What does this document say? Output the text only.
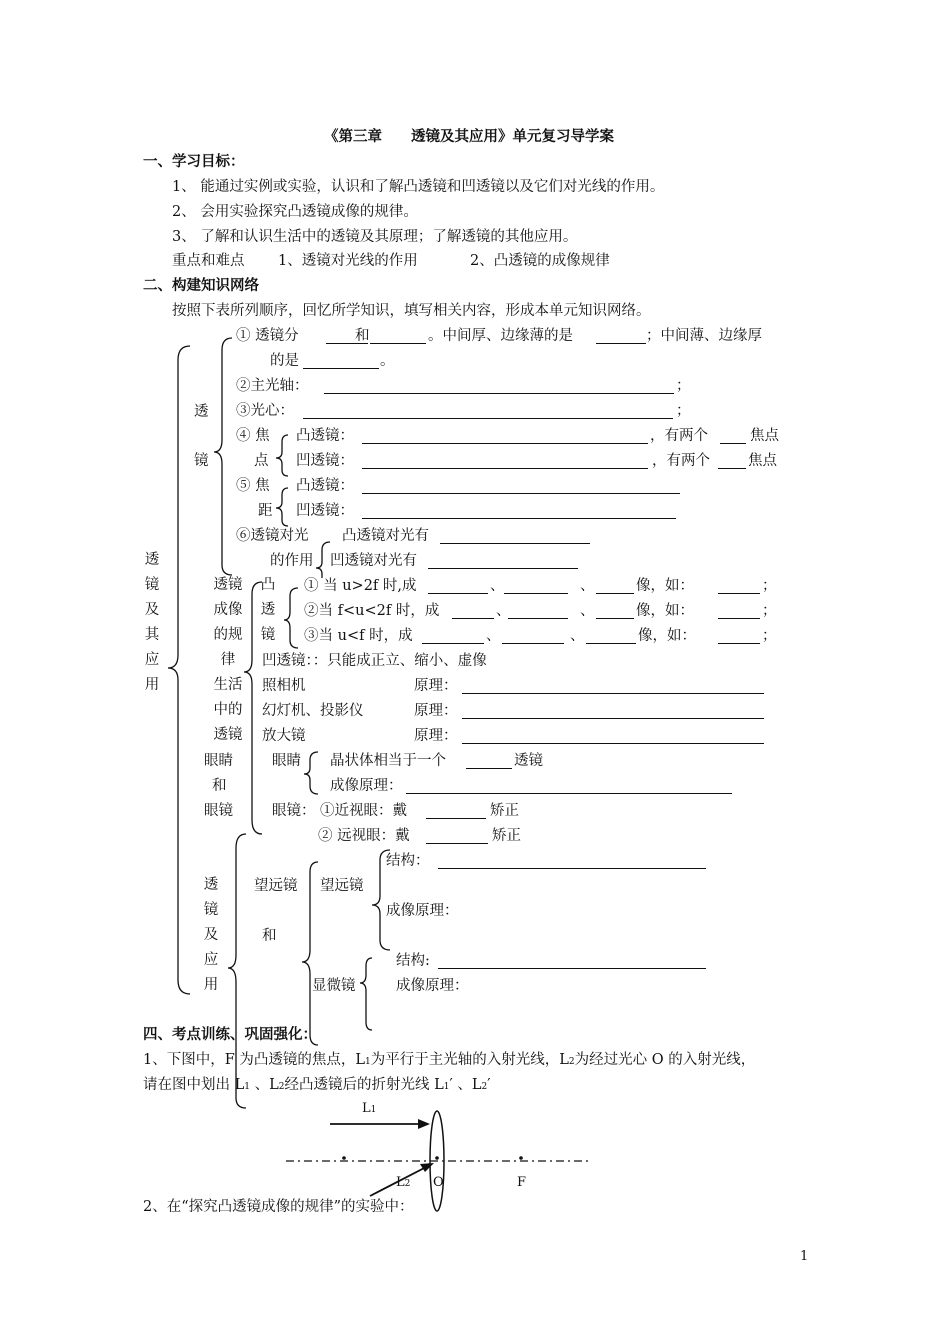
《第三章　　透镜及其应用》单元复习导学案
一、学习目标：
1、 能通过实例或实验，认识和了解凸透镜和凹透镜以及它们对光线的作用。
2、 会用实验探究凸透镜成像的规律。
3、 了解和认识生活中的透镜及其原理；了解透镜的其他应用。
重点和难点 1、透镜对光线的作用	2、凸透镜的成像规律
二、构建知识网络
按照下表所列顺序，回忆所学知识，填写相关内容，形成本单元知识网络。
透镜及其应用
透
镜
① 透镜分	和	。中间厚、边缘薄的是	；中间薄、边缘厚
的是	。
②主光轴：	；
③光心：	；
④ 焦
点
凸透镜：	，有两个	焦点
凹透镜：	，有两个	焦点
⑤ 焦
距
凸透镜：
凹透镜：
⑥透镜对光
的作用
凸透镜对光有
凹透镜对光有
透镜成像的规律
凸透镜
① 当 u>2f 时,成	、	、	像，如：	；
②当 f<u<2f 时，成	、	、	像，如：	；
③当 u<f 时，成	、	、	像，如：	；
凹透镜：：只能成正立、缩小、虚像
生活中的透镜
照相机	原理：
幻灯机、投影仪	原理：
放大镜	原理：
眼睛
和
眼镜
眼睛 晶状体相当于一个	透镜
成像原理：
眼镜： ①近视眼：戴	矫正
② 远视眼：戴	矫正
透镜及应用
望远镜
和
望远镜
结构：
成像原理：
结构:
显微镜	成像原理：
四、考点训练、巩固强化：
1、下图中，F 为凸透镜的焦点，L1为平行于主光轴的入射光线，L2为经过光心 O 的入射光线，
请在图中划出 L1 、L2经凸透镜后的折射光线 L1′ 、L2′
L1
L2 O	F
2、在“探究凸透镜成像的规律”的实验中：
1
